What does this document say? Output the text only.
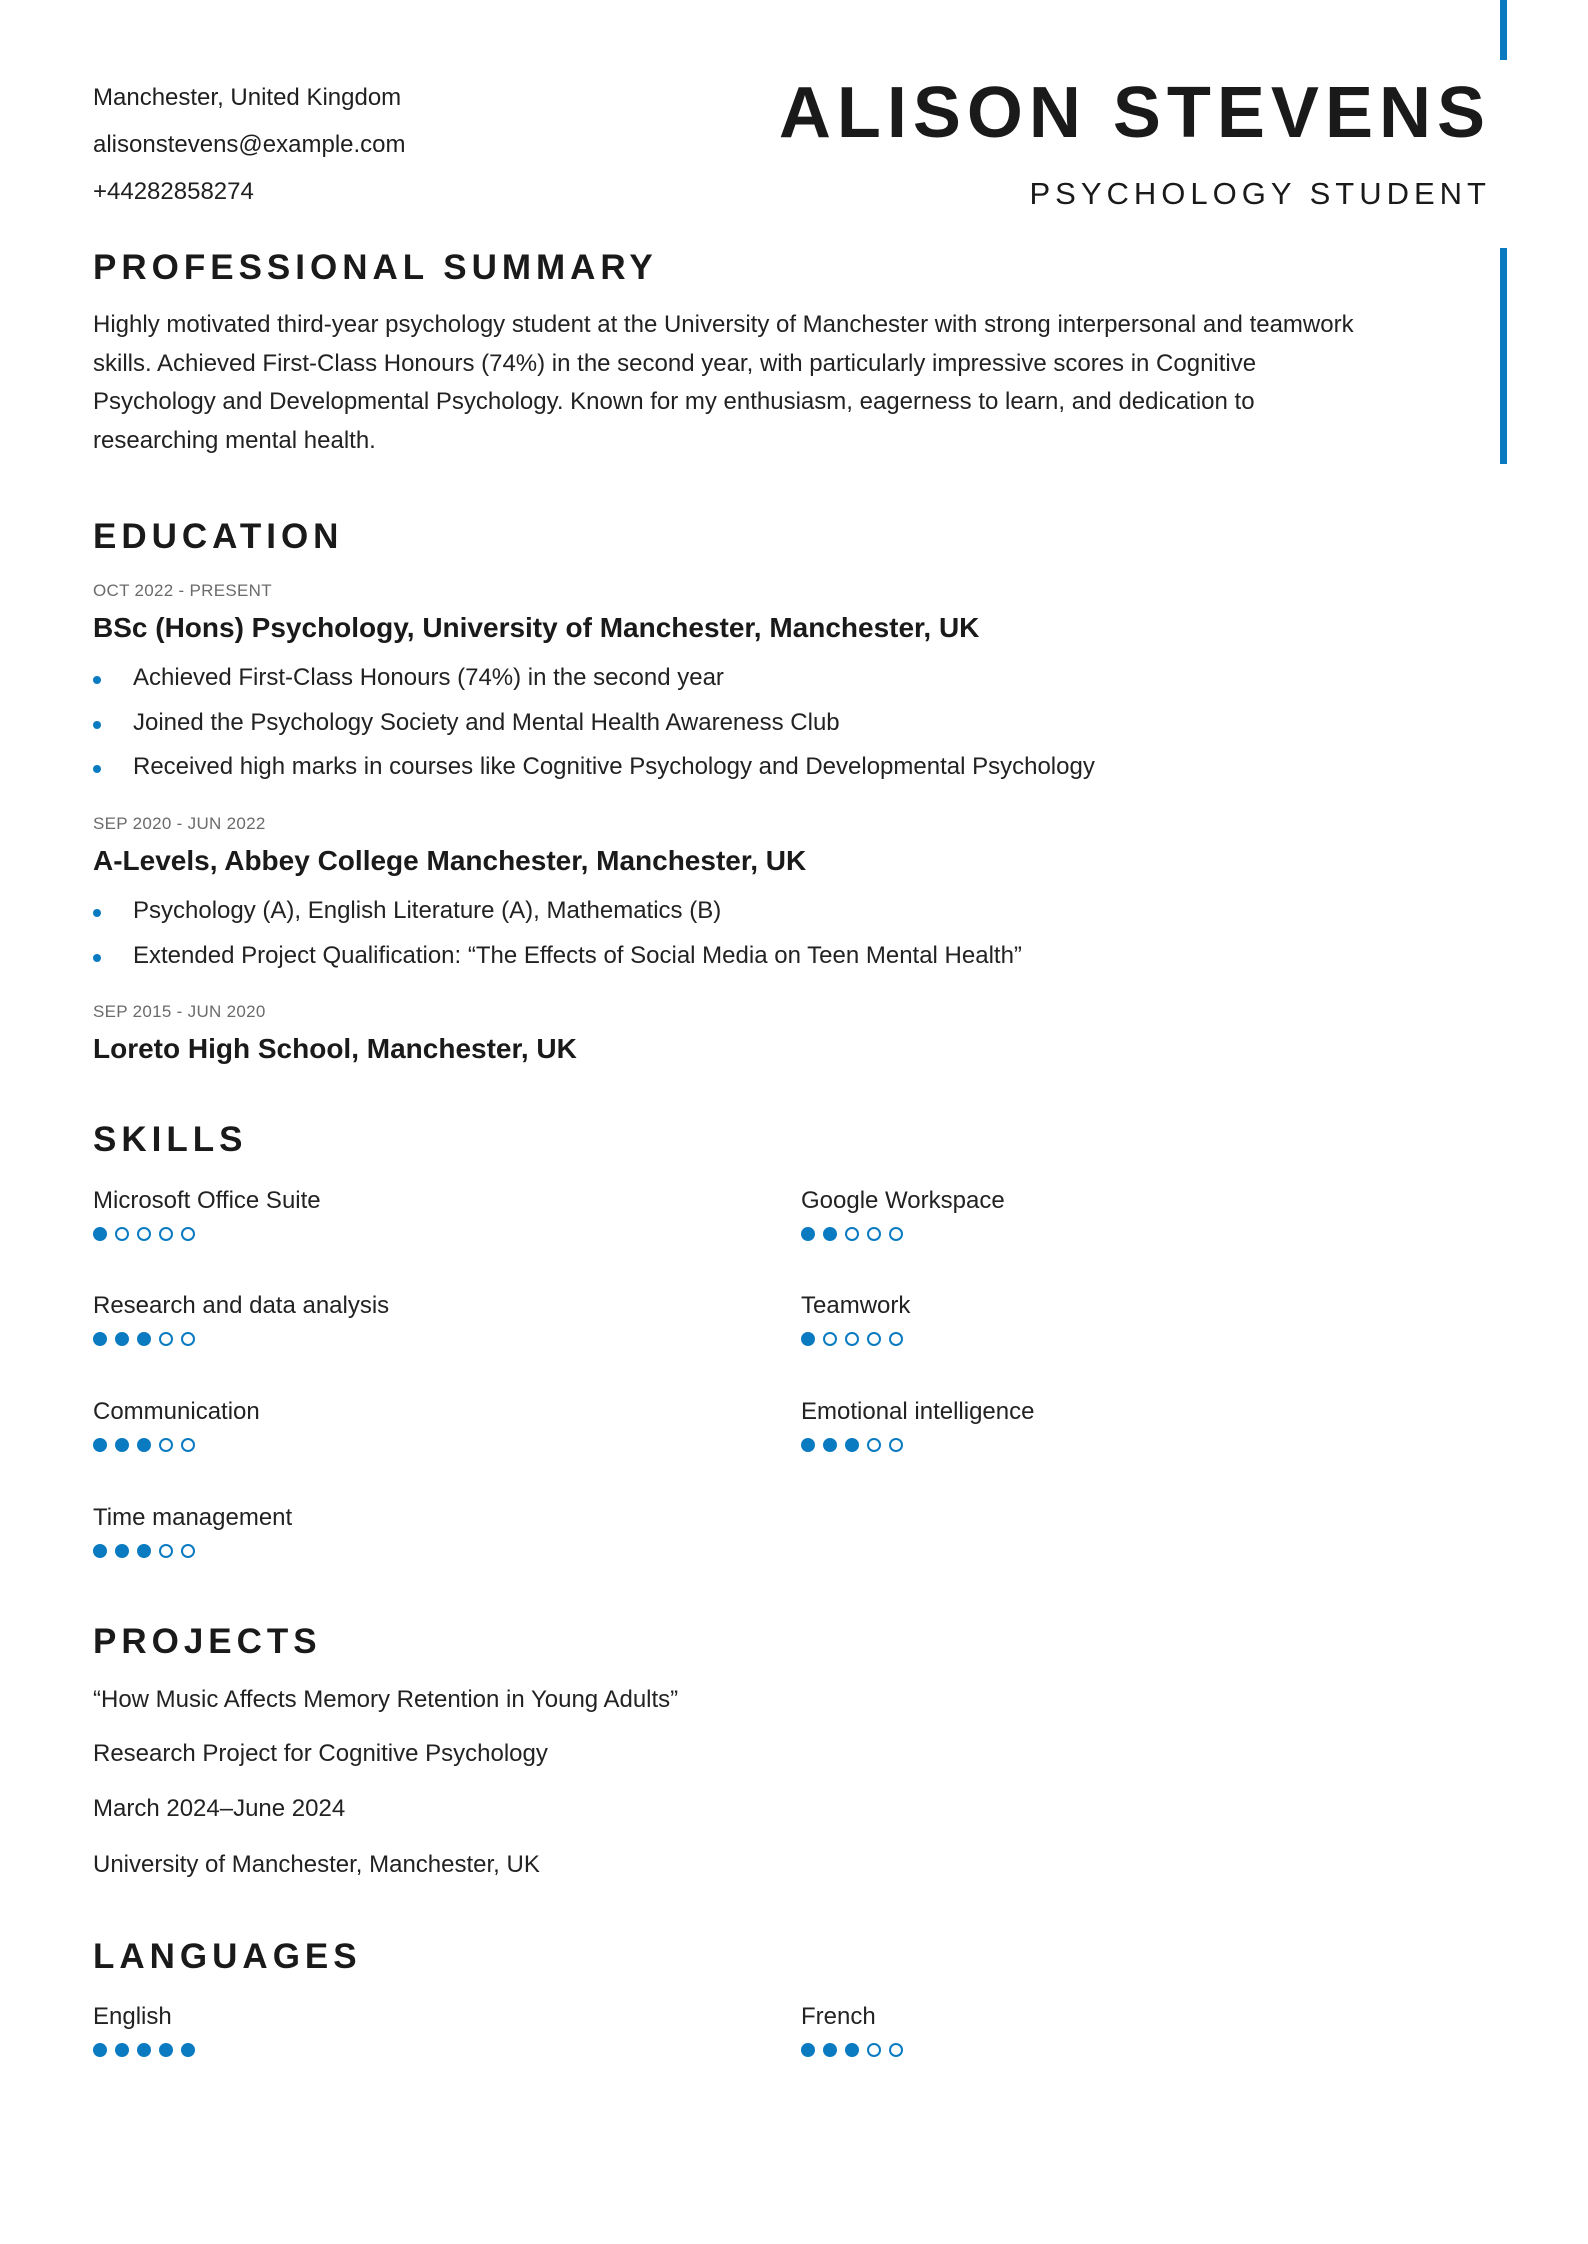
Manchester, United Kingdom
alisonstevens@example.com
+44282858274
ALISON STEVENS
PSYCHOLOGY STUDENT
PROFESSIONAL SUMMARY

Highly motivated third-year psychology student at the University of Manchester with strong interpersonal and teamwork skills. Achieved First-Class Honours (74%) in the second year, with particularly impressive scores in Cognitive Psychology and Developmental Psychology. Known for my enthusiasm, eagerness to learn, and dedication to researching mental health.

EDUCATION
OCT 2022 - PRESENT
BSc (Hons) Psychology, University of Manchester, Manchester, UK
Achieved First-Class Honours (74%) in the second year
Joined the Psychology Society and Mental Health Awareness Club
Received high marks in courses like Cognitive Psychology and Developmental Psychology
SEP 2020 - JUN 2022
A-Levels, Abbey College Manchester, Manchester, UK
Psychology (A), English Literature (A), Mathematics (B)
Extended Project Qualification: “The Effects of Social Media on Teen Mental Health”
SEP 2015 - JUN 2020
Loreto High School, Manchester, UK
SKILLS
Microsoft Office Suite	Google Workspace
Research and data analysis	Teamwork
Communication	Emotional intelligence
Time management
PROJECTS
“How Music Affects Memory Retention in Young Adults”
Research Project for Cognitive Psychology
March 2024–June 2024
University of Manchester, Manchester, UK
LANGUAGES
English	French
